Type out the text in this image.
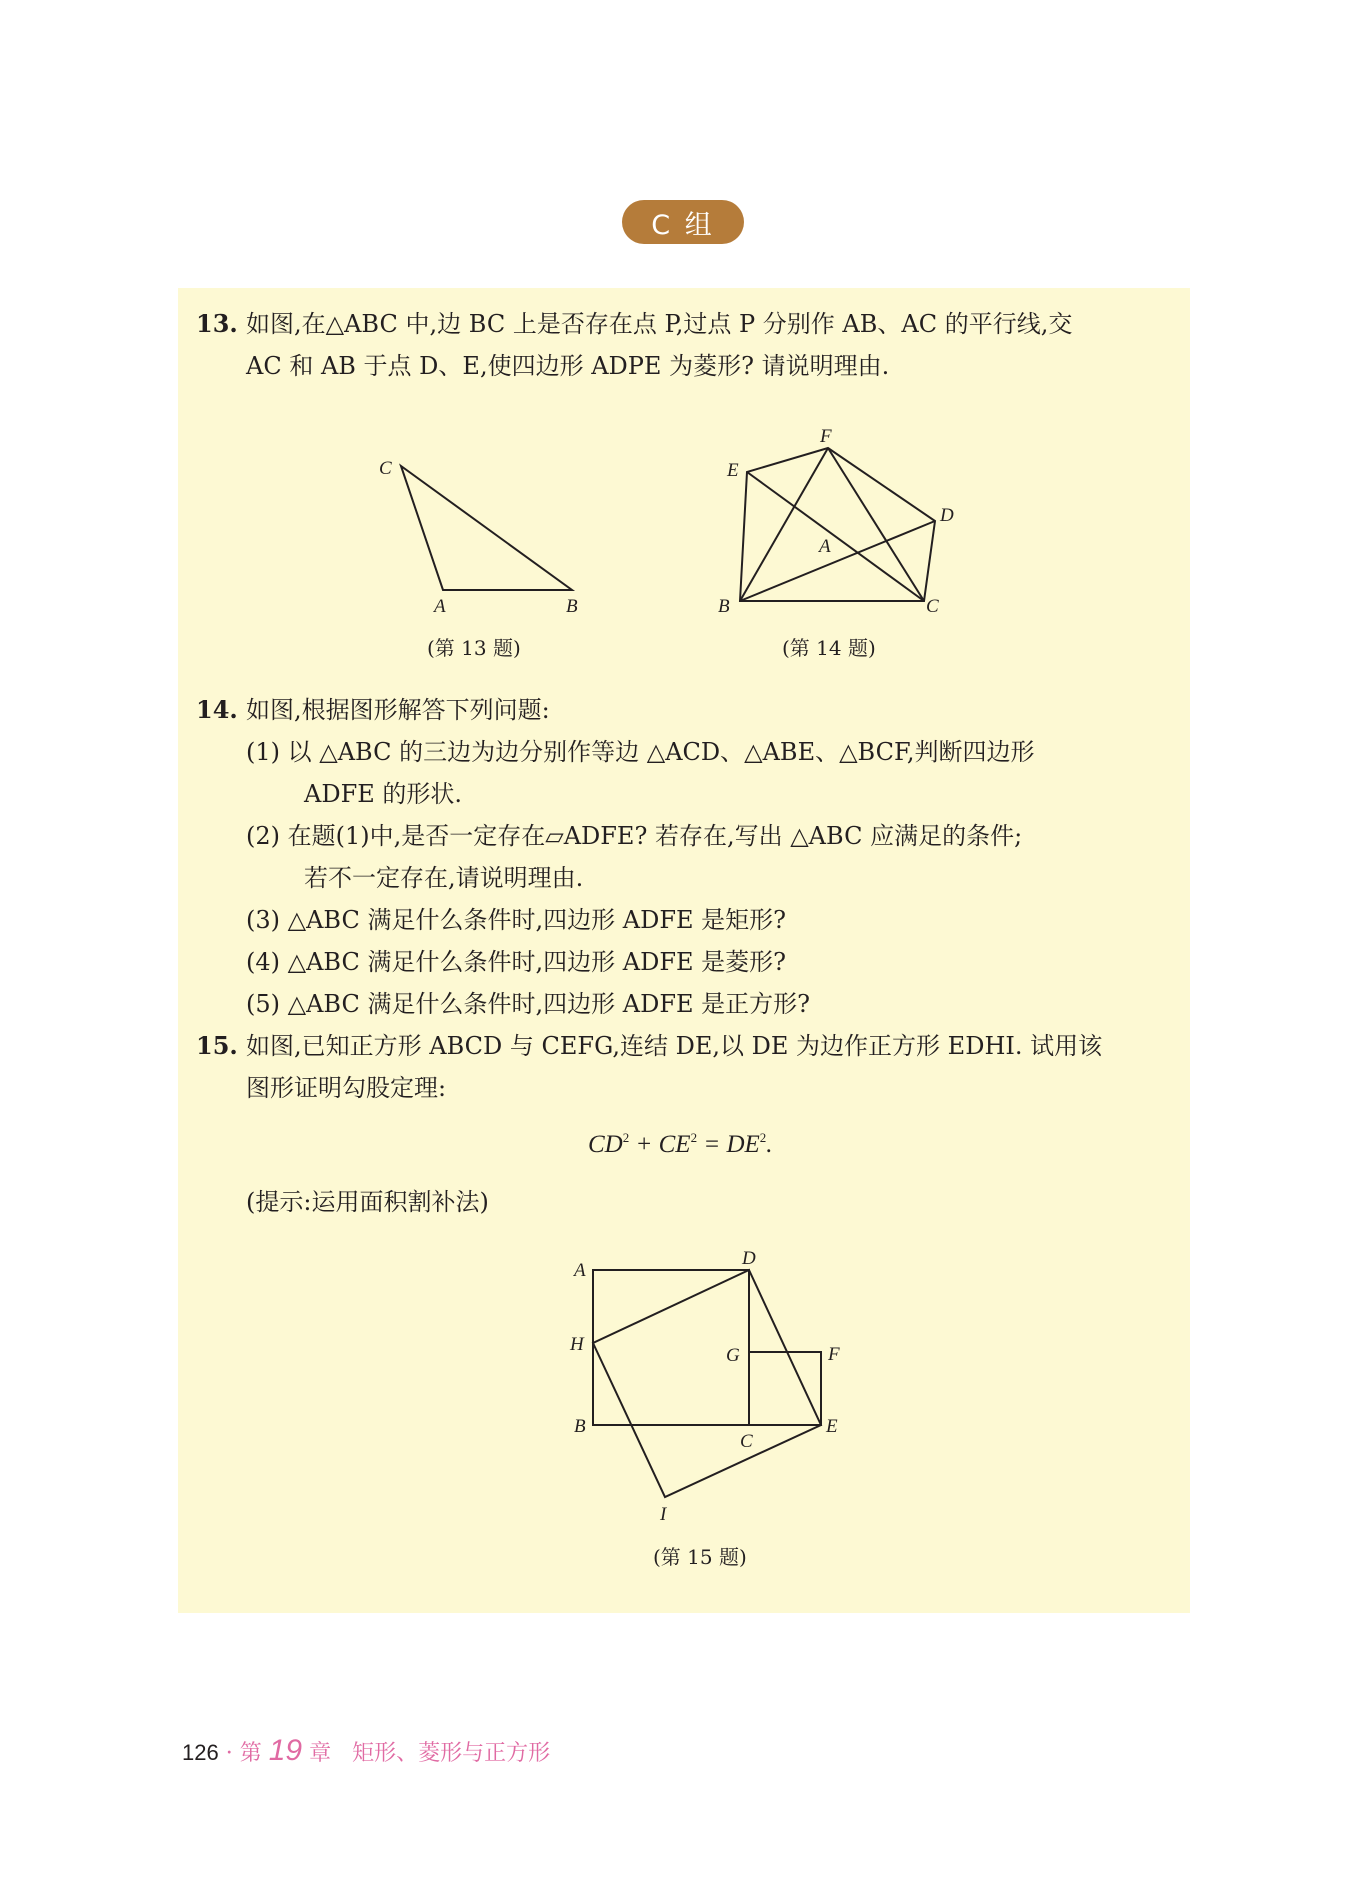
C 组
13. 如图,在△ABC 中,边 BC 上是否存在点 P,过点 P 分别作 AB、AC 的平行线,交
AC 和 AB 于点 D、E,使四边形 ADPE 为菱形? 请说明理由.
C
A	B
(第 13 题)
F
E
D
A
B	C
(第 14 题)
14. 如图,根据图形解答下列问题:
(1) 以 △ABC 的三边为边分别作等边 △ACD、△ABE、△BCF,判断四边形
ADFE 的形状.
(2) 在题(1)中,是否一定存在▱ADFE? 若存在,写出 △ABC 应满足的条件;
若不一定存在,请说明理由.
(3) △ABC 满足什么条件时,四边形 ADFE 是矩形?
(4) △ABC 满足什么条件时,四边形 ADFE 是菱形?
(5) △ABC 满足什么条件时,四边形 ADFE 是正方形?
15. 如图,已知正方形 ABCD 与 CEFG,连结 DE,以 DE 为边作正方形 EDHI. 试用该
图形证明勾股定理:
$CD^2 + CE^2 = DE^2$.
(提示:运用面积割补法)
A
D
H
G	F
B
C
E
I
(第 15 题)
126 · 第 19 章 矩形、菱形与正方形
